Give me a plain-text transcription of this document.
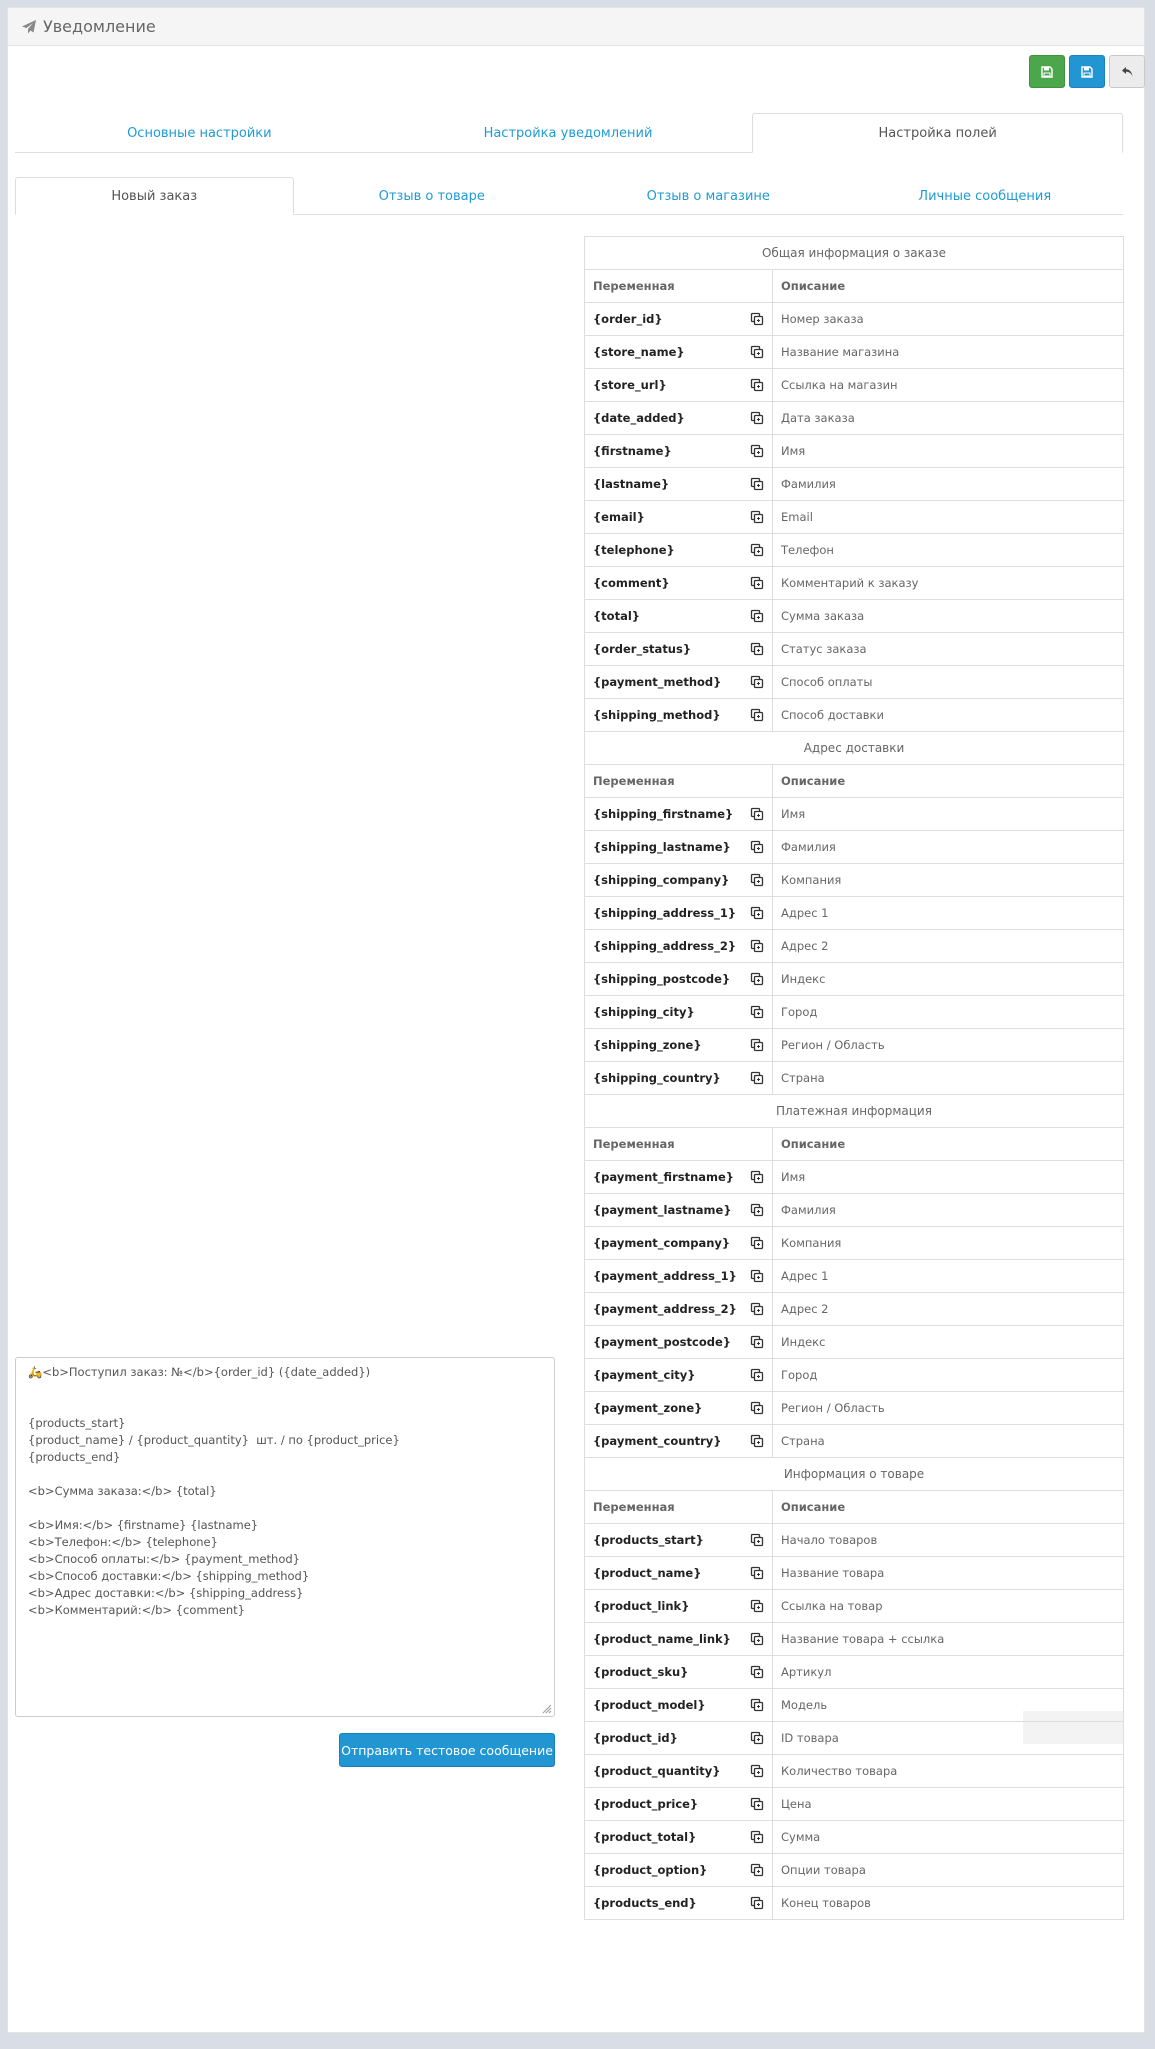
Уведомление
Основные настройки	Настройка уведомлений	Настройка полей
Новый заказ	Отзыв о товаре	Отзыв о магазине	Личные сообщения
🛵<b>Поступил заказ: №</b>{order_id} ({date_added})

{products_start}
{product_name} / {product_quantity}  шт. / по {product_price}
{products_end}

<b>Сумма заказа:</b> {total}

<b>Имя:</b> {firstname} {lastname}
<b>Телефон:</b> {telephone}
<b>Способ оплаты:</b> {payment_method}
<b>Способ доставки:</b> {shipping_method}
<b>Адрес доставки:</b> {shipping_address}
<b>Комментарий:</b> {comment}
Отправить тестовое сообщение
Общая информация о заказе	
Переменная	Описание
{order_id}	Номер заказа
{store_name}	Название магазина
{store_url}	Ссылка на магазин
{date_added}	Дата заказа
{firstname}	Имя
{lastname}	Фамилия
{email}	Email
{telephone}	Телефон
{comment}	Комментарий к заказу
{total}	Сумма заказа
{order_status}	Статус заказа
{payment_method}	Способ оплаты
{shipping_method}	Способ доставки
Адрес доставки	
Переменная	Описание
{shipping_firstname}	Имя
{shipping_lastname}	Фамилия
{shipping_company}	Компания
{shipping_address_1}	Адрес 1
{shipping_address_2}	Адрес 2
{shipping_postcode}	Индекс
{shipping_city}	Город
{shipping_zone}	Регион / Область
{shipping_country}	Страна
Платежная информация	
Переменная	Описание
{payment_firstname}	Имя
{payment_lastname}	Фамилия
{payment_company}	Компания
{payment_address_1}	Адрес 1
{payment_address_2}	Адрес 2
{payment_postcode}	Индекс
{payment_city}	Город
{payment_zone}	Регион / Область
{payment_country}	Страна
Информация о товаре	
Переменная	Описание
{products_start}	Начало товаров
{product_name}	Название товара
{product_link}	Ссылка на товар
{product_name_link}	Название товара + ссылка
{product_sku}	Артикул
{product_model}	Модель
{product_id}	ID товара
{product_quantity}	Количество товара
{product_price}	Цена
{product_total}	Сумма
{product_option}	Опции товара
{products_end}	Конец товаров
